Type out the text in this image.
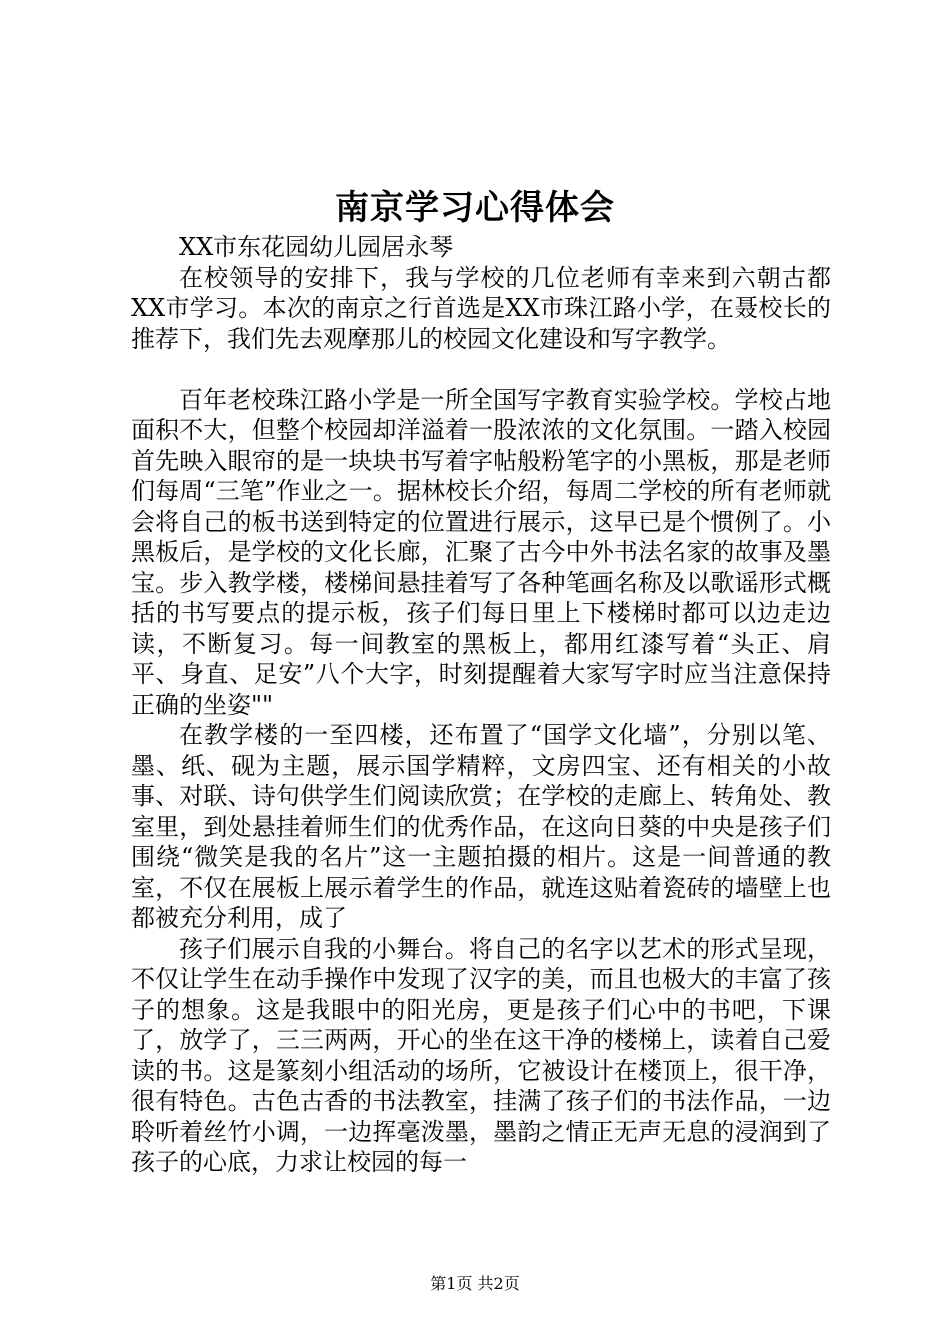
南京学习心得体会

XX市东花园幼儿园居永琴

在校领导的安排下，我与学校的几位老师有幸来到六朝古都XX市学习。本次的南京之行首选是XX市珠江路小学，在聂校长的推荐下，我们先去观摩那儿的校园文化建设和写字教学。

百年老校珠江路小学是一所全国写字教育实验学校。学校占地面积不大，但整个校园却洋溢着一股浓浓的文化氛围。一踏入校园首先映入眼帘的是一块块书写着字帖般粉笔字的小黑板，那是老师们每周“三笔”作业之一。据林校长介绍，每周二学校的所有老师就会将自己的板书送到特定的位置进行展示，这早已是个惯例了。小黑板后，是学校的文化长廊，汇聚了古今中外书法名家的故事及墨宝。步入教学楼，楼梯间悬挂着写了各种笔画名称及以歌谣形式概括的书写要点的提示板，孩子们每日里上下楼梯时都可以边走边读，不断复习。每一间教室的黑板上，都用红漆写着“头正、肩平、身直、足安”八个大字，时刻提醒着大家写字时应当注意保持正确的坐姿""

在教学楼的一至四楼，还布置了“国学文化墙”，分别以笔、墨、纸、砚为主题，展示国学精粹，文房四宝、还有相关的小故事、对联、诗句供学生们阅读欣赏；在学校的走廊上、转角处、教室里，到处悬挂着师生们的优秀作品，在这向日葵的中央是孩子们围绕“微笑是我的名片”这一主题拍摄的相片。这是一间普通的教室，不仅在展板上展示着学生的作品，就连这贴着瓷砖的墙壁上也都被充分利用，成了

孩子们展示自我的小舞台。将自己的名字以艺术的形式呈现，不仅让学生在动手操作中发现了汉字的美，而且也极大的丰富了孩子的想象。这是我眼中的阳光房，更是孩子们心中的书吧，下课了，放学了，三三两两，开心的坐在这干净的楼梯上，读着自己爱读的书。这是篆刻小组活动的场所，它被设计在楼顶上，很干净，很有特色。古色古香的书法教室，挂满了孩子们的书法作品，一边聆听着丝竹小调，一边挥毫泼墨，墨韵之情正无声无息的浸润到了孩子的心底，力求让校园的每一

第1页 共2页
